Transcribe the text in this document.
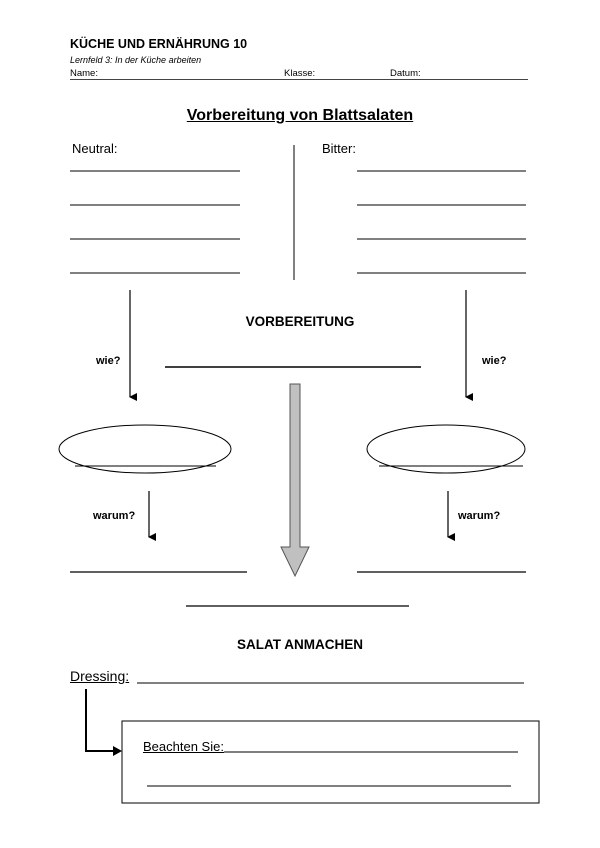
KÜCHE UND ERNÄHRUNG 10
Lernfeld 3: In der Küche arbeiten
Name:	Klasse:	Datum:
Vorbereitung von Blattsalaten
Neutral:	Bitter:
VORBEREITUNG
wie?	wie?
warum?	warum?
SALAT ANMACHEN
Dressing:
Beachten Sie:
